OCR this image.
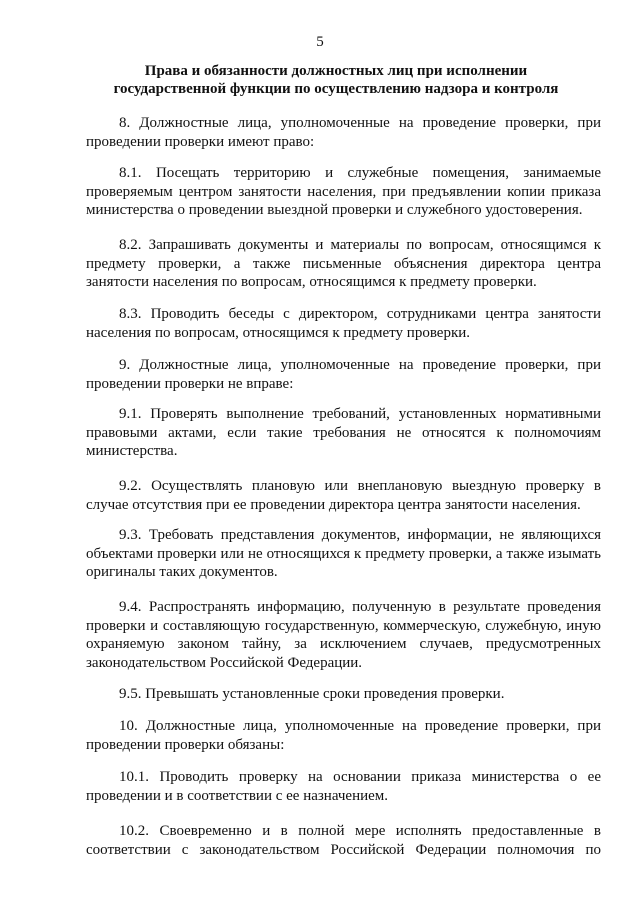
5
Права и обязанности должностных лиц при исполнении
государственной функции по осуществлению надзора и контроля

8. Должностные лица, уполномоченные на проведение проверки, при проведении проверки имеют право:

8.1. Посещать территорию и служебные помещения, занимаемые проверяемым центром занятости населения, при предъявлении копии приказа министерства о проведении выездной проверки и служебного удостоверения.

8.2. Запрашивать документы и материалы по вопросам, относящимся к предмету проверки, а также письменные объяснения директора центра занятости населения по вопросам, относящимся к предмету проверки.

8.3. Проводить беседы с директором, сотрудниками центра занятости населения по вопросам, относящимся к предмету проверки.

9. Должностные лица, уполномоченные на проведение проверки, при проведении проверки не вправе:

9.1. Проверять выполнение требований, установленных нормативными правовыми актами, если такие требования не относятся к полномочиям министерства.

9.2. Осуществлять плановую или внеплановую выездную проверку в случае отсутствия при ее проведении директора центра занятости населения.

9.3. Требовать представления документов, информации, не являющихся объектами проверки или не относящихся к предмету проверки, а также изымать оригиналы таких документов.

9.4. Распространять информацию, полученную в результате проведения проверки и составляющую государственную, коммерческую, служебную, иную охраняемую законом тайну, за исключением случаев, предусмотренных законодательством Российской Федерации.

9.5. Превышать установленные сроки проведения проверки.

10. Должностные лица, уполномоченные на проведение проверки, при проведении проверки обязаны:

10.1. Проводить проверку на основании приказа министерства о ее проведении и в соответствии с ее назначением.

10.2. Своевременно и в полной мере исполнять предоставленные в соответствии с законодательством Российской Федерации полномочия по
